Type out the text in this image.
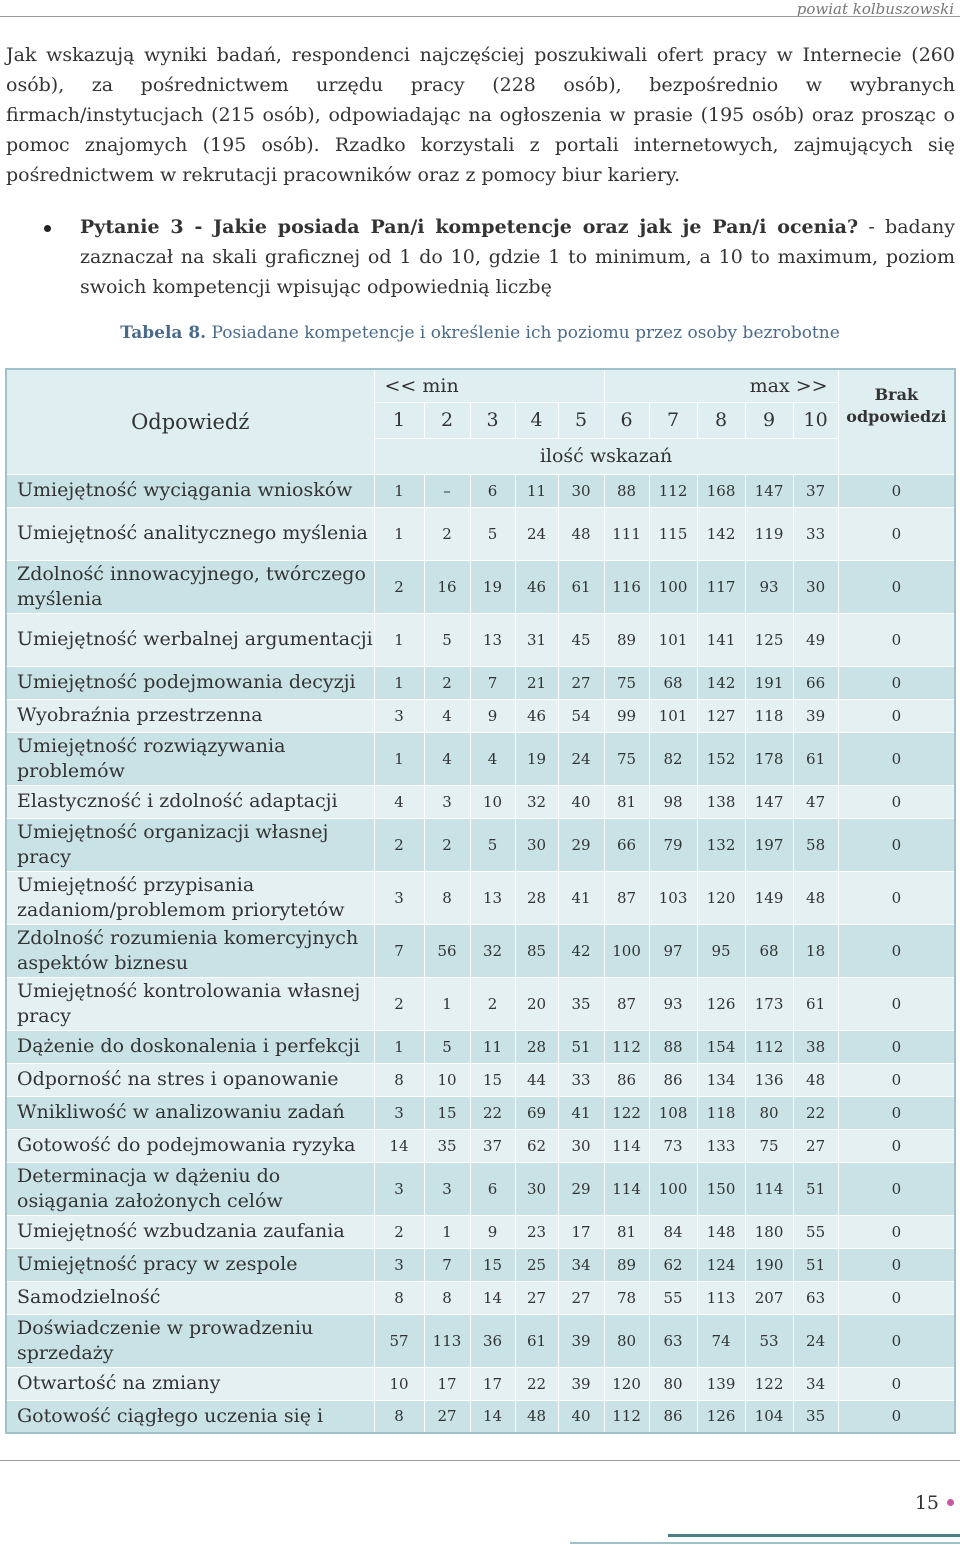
powiat kolbuszowski
Jak wskazują wyniki badań, respondenci najczęściej poszukiwali ofert pracy w Internecie (260 osób), za pośrednictwem urzędu pracy (228 osób), bezpośrednio w wybranych firmach/instytucjach (215 osób), odpowiadając na ogłoszenia w prasie (195 osób) oraz prosząc o pomoc znajomych (195 osób). Rzadko korzystali z portali internetowych, zajmujących się pośrednictwem w rekrutacji pracowników oraz z pomocy biur kariery.
Pytanie 3 - Jakie posiada Pan/i kompetencje oraz jak je Pan/i ocenia? - badany zaznaczał na skali graficznej od 1 do 10, gdzie 1 to minimum, a 10 to maximum, poziom swoich kompetencji wpisując odpowiednią liczbę
Tabela 8. Posiadane kompetencje i określenie ich poziomu przez osoby bezrobotne
Odpowiedź	<< min					max >>					Brak odpowiedzi
	1	2	3	4	5	6	7	8	9	10	
	ilość wskazań										
Umiejętność wyciągania wniosków	1	–	6	11	30	88	112	168	147	37	0
Umiejętność analitycznego myślenia	1	2	5	24	48	111	115	142	119	33	0
Zdolność innowacyjnego, twórczego myślenia	2	16	19	46	61	116	100	117	93	30	0
Umiejętność werbalnej argumentacji	1	5	13	31	45	89	101	141	125	49	0
Umiejętność podejmowania decyzji	1	2	7	21	27	75	68	142	191	66	0
Wyobraźnia przestrzenna	3	4	9	46	54	99	101	127	118	39	0
Umiejętność rozwiązywania problemów	1	4	4	19	24	75	82	152	178	61	0
Elastyczność i zdolność adaptacji	4	3	10	32	40	81	98	138	147	47	0
Umiejętność organizacji własnej pracy	2	2	5	30	29	66	79	132	197	58	0
Umiejętność przypisania zadaniom/problemom priorytetów	3	8	13	28	41	87	103	120	149	48	0
Zdolność rozumienia komercyjnych aspektów biznesu	7	56	32	85	42	100	97	95	68	18	0
Umiejętność kontrolowania własnej pracy	2	1	2	20	35	87	93	126	173	61	0
Dążenie do doskonalenia i perfekcji	1	5	11	28	51	112	88	154	112	38	0
Odporność na stres i opanowanie	8	10	15	44	33	86	86	134	136	48	0
Wnikliwość w analizowaniu zadań	3	15	22	69	41	122	108	118	80	22	0
Gotowość do podejmowania ryzyka	14	35	37	62	30	114	73	133	75	27	0
Determinacja w dążeniu do osiągania założonych celów	3	3	6	30	29	114	100	150	114	51	0
Umiejętność wzbudzania zaufania	2	1	9	23	17	81	84	148	180	55	0
Umiejętność pracy w zespole	3	7	15	25	34	89	62	124	190	51	0
Samodzielność	8	8	14	27	27	78	55	113	207	63	0
Doświadczenie w prowadzeniu sprzedaży	57	113	36	61	39	80	63	74	53	24	0
Otwartość na zmiany	10	17	17	22	39	120	80	139	122	34	0
Gotowość ciągłego uczenia się i	8	27	14	48	40	112	86	126	104	35	0
15
